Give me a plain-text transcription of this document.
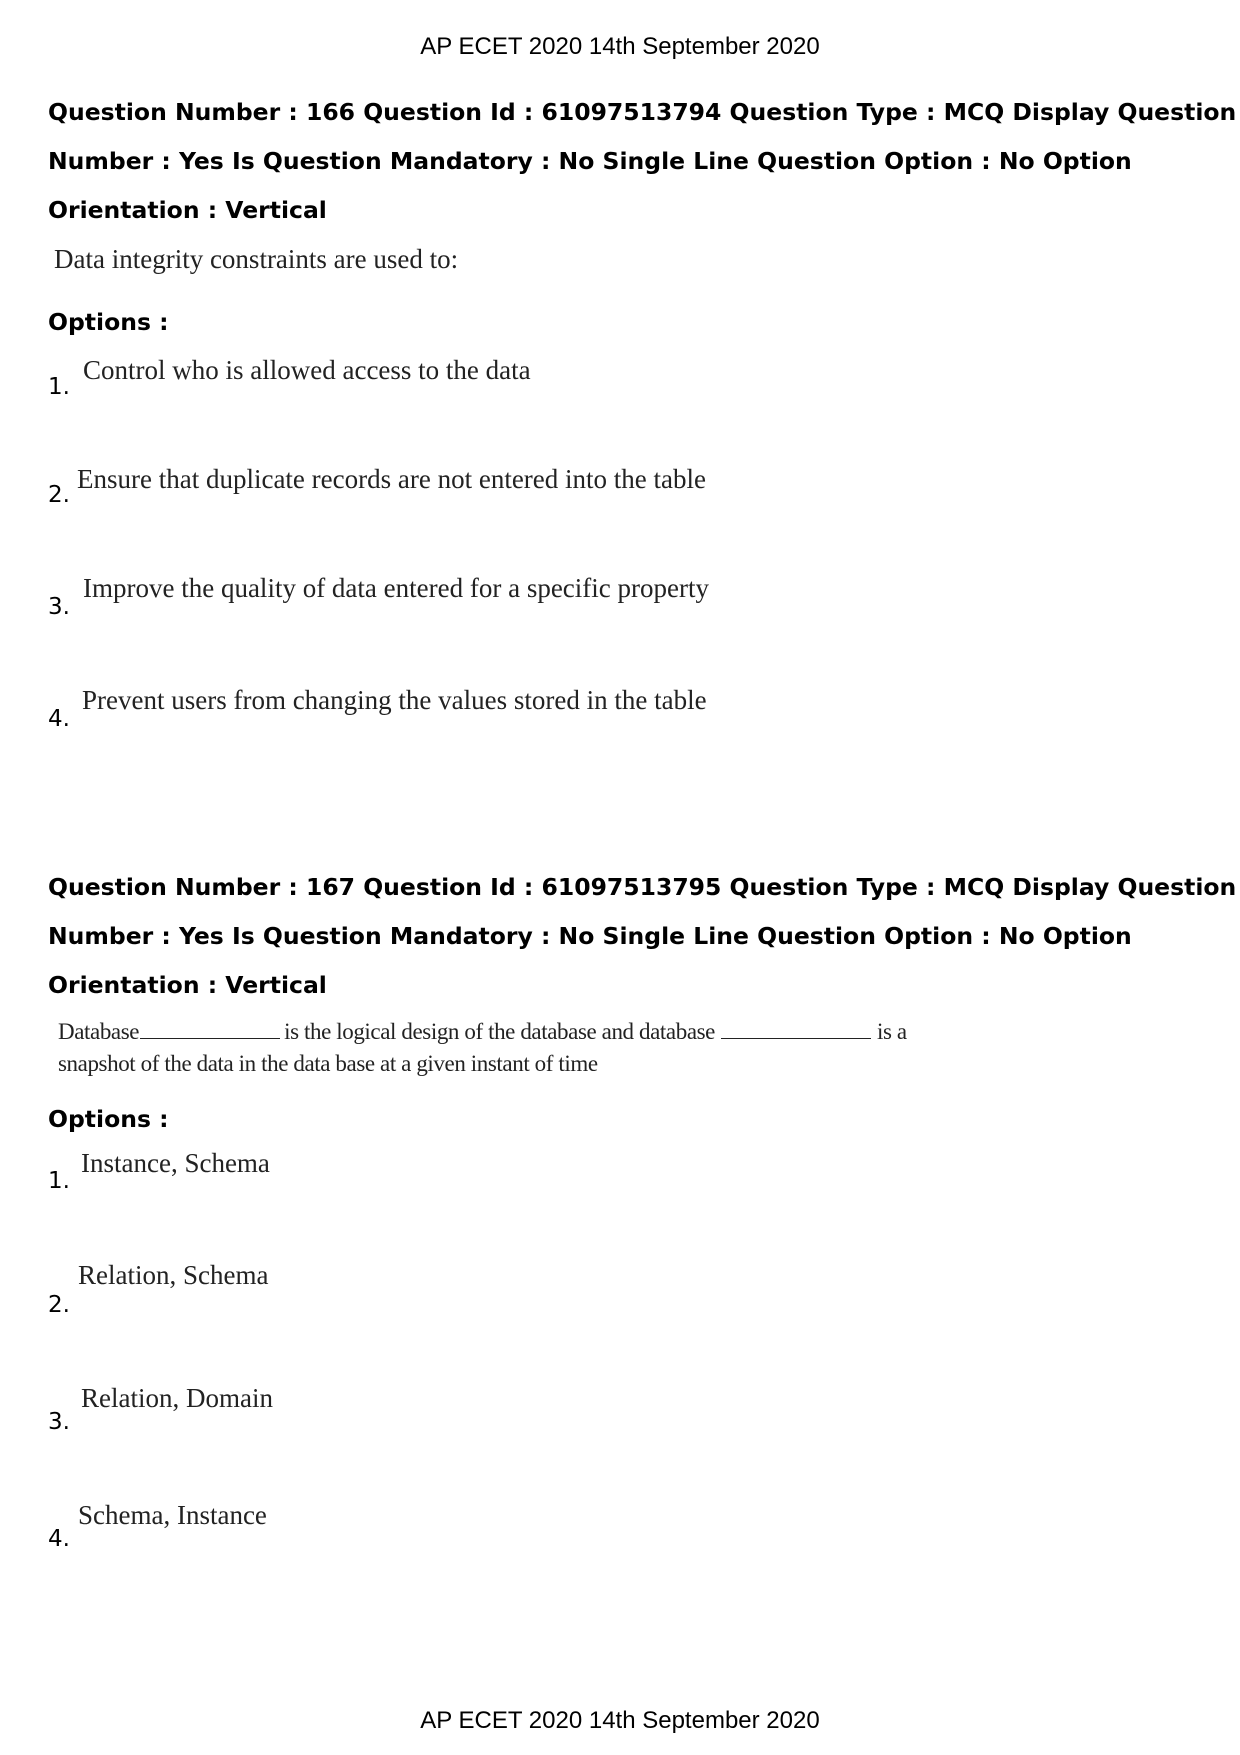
AP ECET 2020 14th September 2020
Question Number : 166 Question Id : 61097513794 Question Type : MCQ Display Question
Number : Yes Is Question Mandatory : No Single Line Question Option : No Option
Orientation : Vertical
Data integrity constraints are used to:
Options :
1.
Control who is allowed access to the data
2.
Ensure that duplicate records are not entered into the table
3.
Improve the quality of data entered for a specific property
4.
Prevent users from changing the values stored in the table
Question Number : 167 Question Id : 61097513795 Question Type : MCQ Display Question
Number : Yes Is Question Mandatory : No Single Line Question Option : No Option
Orientation : Vertical
Database	is the logical design of the database and database	is a
snapshot of the data in the data base at a given instant of time
Options :
1.
Instance, Schema
2.
Relation, Schema
3.
Relation, Domain
4.
Schema, Instance
AP ECET 2020 14th September 2020
